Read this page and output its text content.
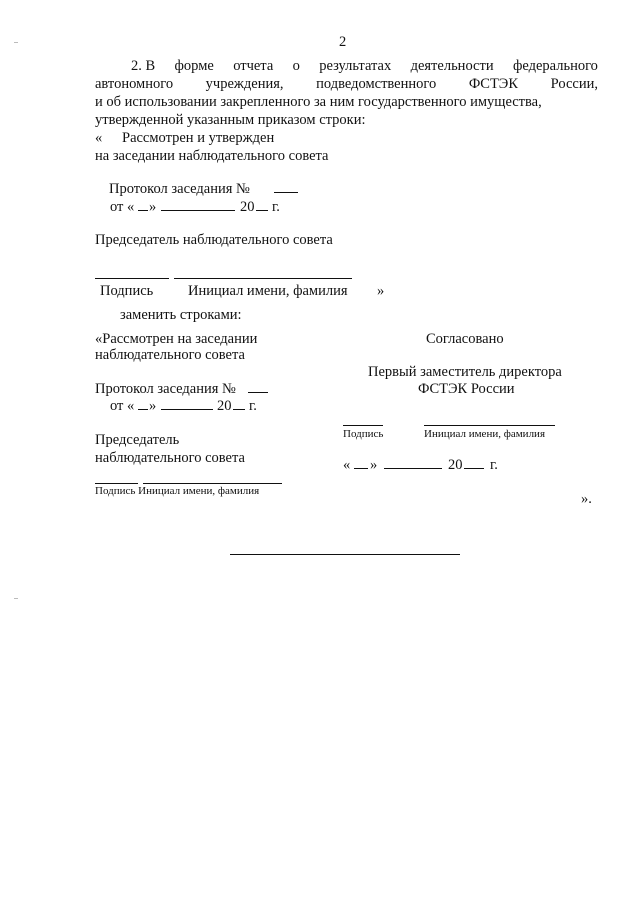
2
2. В форме отчета о результатах деятельности федерального
автономного учреждения, подведомственного ФСТЭК России,
и об использовании закрепленного за ним государственного имущества,
утвержденной указанным приказом строки:
« Рассмотрен и утвержден
на заседании наблюдательного совета
Протокол заседания №
от « »	20 г.
Председатель наблюдательного совета
Подпись Инициал имени, фамилия »
заменить строками:
«Рассмотрен на заседании
наблюдательного совета
Протокол заседания №
от « »	20 г.
Председатель
наблюдательного совета
Подпись Инициал имени, фамилия
Согласовано
Первый заместитель директора
ФСТЭК России
Подпись	Инициал имени, фамилия
« »	20 г.
».
